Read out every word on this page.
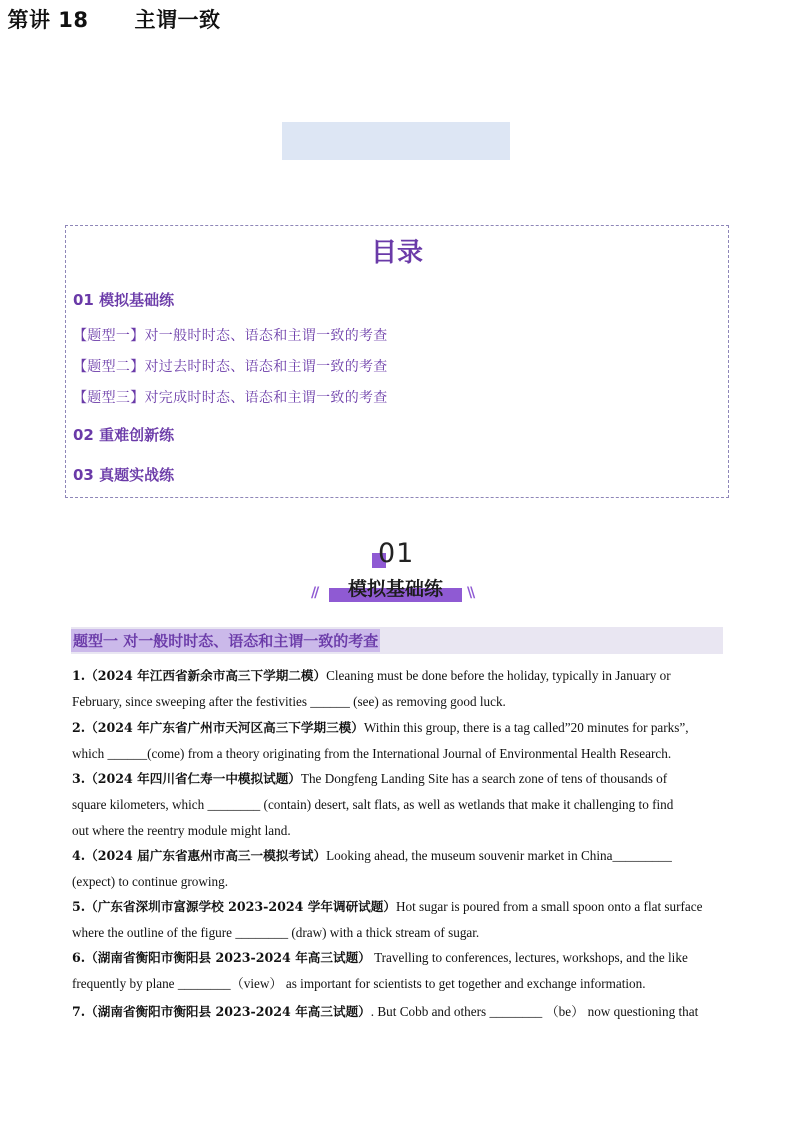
第讲 18 主谓一致
目录
01 模拟基础练
【题型一】对一般时时态、语态和主谓一致的考查
【题型二】对过去时时态、语态和主谓一致的考查
【题型三】对完成时时态、语态和主谓一致的考查
02 重难创新练
03 真题实战练
01
//	模拟基础练	\\
题型一 对一般时时态、语态和主谓一致的考查
1.（2024 年江西省新余市高三下学期二模）Cleaning must be done before the holiday, typically in January or
February, since sweeping after the festivities ______ (see) as removing good luck.
2.（2024 年广东省广州市天河区高三下学期三模）Within this group, there is a tag called”20 minutes for parks”,
which ______(come) from a theory originating from the International Journal of Environmental Health Research.
3.（2024 年四川省仁寿一中模拟试题）The Dongfeng Landing Site has a search zone of tens of thousands of
square kilometers, which ________ (contain) desert, salt flats, as well as wetlands that make it challenging to find
out where the reentry module might land.
4.（2024 届广东省惠州市高三一模拟考试）Looking ahead, the museum souvenir market in China_________
(expect) to continue growing.
5.（广东省深圳市富源学校 2023-2024 学年调研试题）Hot sugar is poured from a small spoon onto a flat surface
where the outline of the figure ________ (draw) with a thick stream of sugar.
6.（湖南省衡阳市衡阳县 2023-2024 年高三试题） Travelling to conferences, lectures, workshops, and the like
frequently by plane ________（view） as important for scientists to get together and exchange information.
7.（湖南省衡阳市衡阳县 2023-2024 年高三试题）. But Cobb and others ________ （be） now questioning that
